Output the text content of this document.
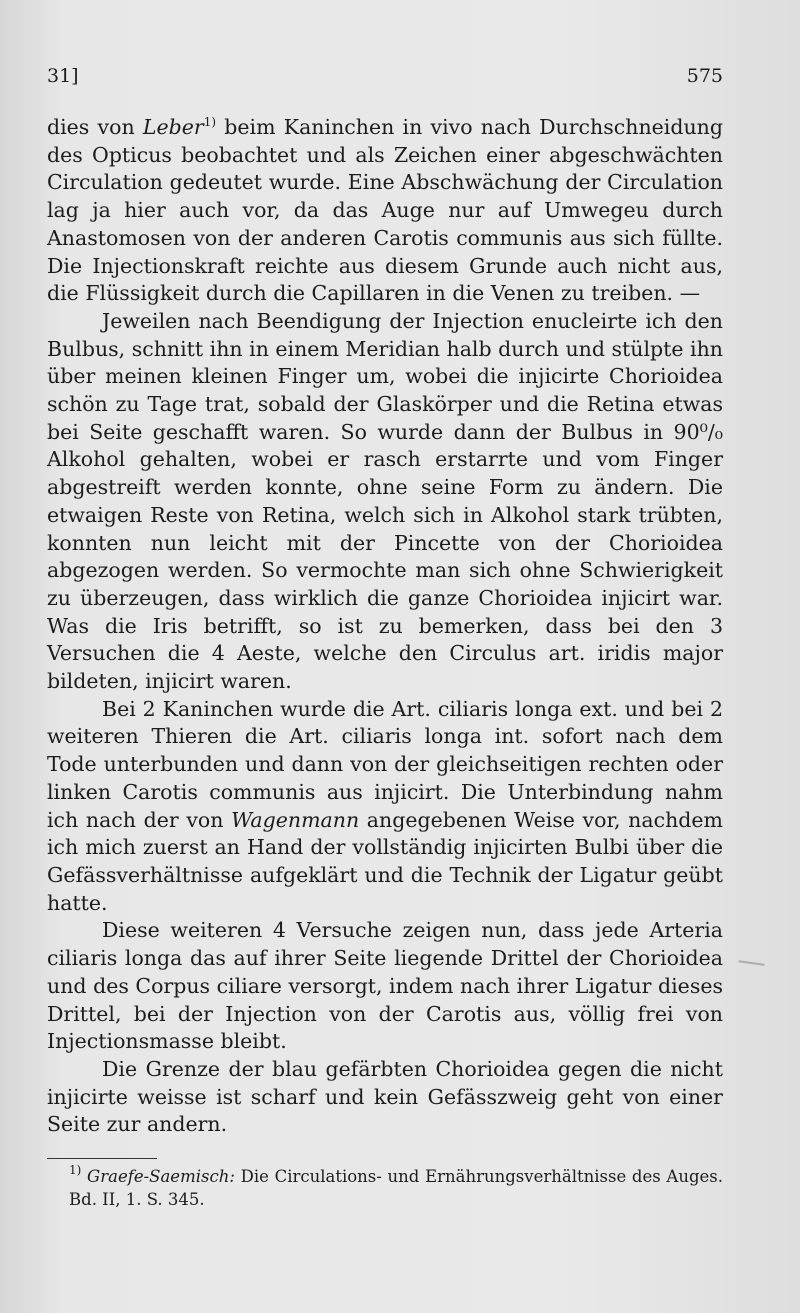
31]	575

dies von Leber$^{1)}$ beim Kaninchen in vivo nach Durchschneidung des Opticus beobachtet und als Zeichen einer abgeschwächten Circulation gedeutet wurde. Eine Abschwächung der Circulation lag ja hier auch vor, da das Auge nur auf Umwegeu durch Anastomosen von der anderen Carotis communis aus sich füllte. Die Injectionskraft reichte aus diesem Grunde auch nicht aus, die Flüssigkeit durch die Capillaren in die Venen zu treiben. —

Jeweilen nach Beendigung der Injection enucleirte ich den Bulbus, schnitt ihn in einem Meridian halb durch und stülpte ihn über meinen kleinen Finger um, wobei die injicirte Chorioidea schön zu Tage trat, sobald der Glaskörper und die Retina etwas bei Seite geschafft waren. So wurde dann der Bulbus in 90⁰/₀ Alkohol gehalten, wobei er rasch erstarrte und vom Finger abgestreift werden konnte, ohne seine Form zu ändern. Die etwaigen Reste von Retina, welch sich in Alkohol stark trübten, konnten nun leicht mit der Pincette von der Chorioidea abgezogen werden. So vermochte man sich ohne Schwierigkeit zu überzeugen, dass wirklich die ganze Chorioidea injicirt war. Was die Iris betrifft, so ist zu bemerken, dass bei den 3 Versuchen die 4 Aeste, welche den Circulus art. iridis major bildeten, injicirt waren.

Bei 2 Kaninchen wurde die Art. ciliaris longa ext. und bei 2 weiteren Thieren die Art. ciliaris longa int. sofort nach dem Tode unterbunden und dann von der gleichseitigen rechten oder linken Carotis communis aus injicirt. Die Unterbindung nahm ich nach der von Wagenmann angegebenen Weise vor, nachdem ich mich zuerst an Hand der vollständig injicirten Bulbi über die Gefässverhältnisse aufgeklärt und die Technik der Ligatur geübt hatte.

Diese weiteren 4 Versuche zeigen nun, dass jede Arteria ciliaris longa das auf ihrer Seite liegende Drittel der Chorioidea und des Corpus ciliare versorgt, indem nach ihrer Ligatur dieses Drittel, bei der Injection von der Carotis aus, völlig frei von Injectionsmasse bleibt.

Die Grenze der blau gefärbten Chorioidea gegen die nicht injicirte weisse ist scharf und kein Gefässzweig geht von einer Seite zur andern.

$^{1)}$ Graefe-Saemisch: Die Circulations- und Ernährungsverhältnisse des Auges. Bd. II, 1. S. 345.
